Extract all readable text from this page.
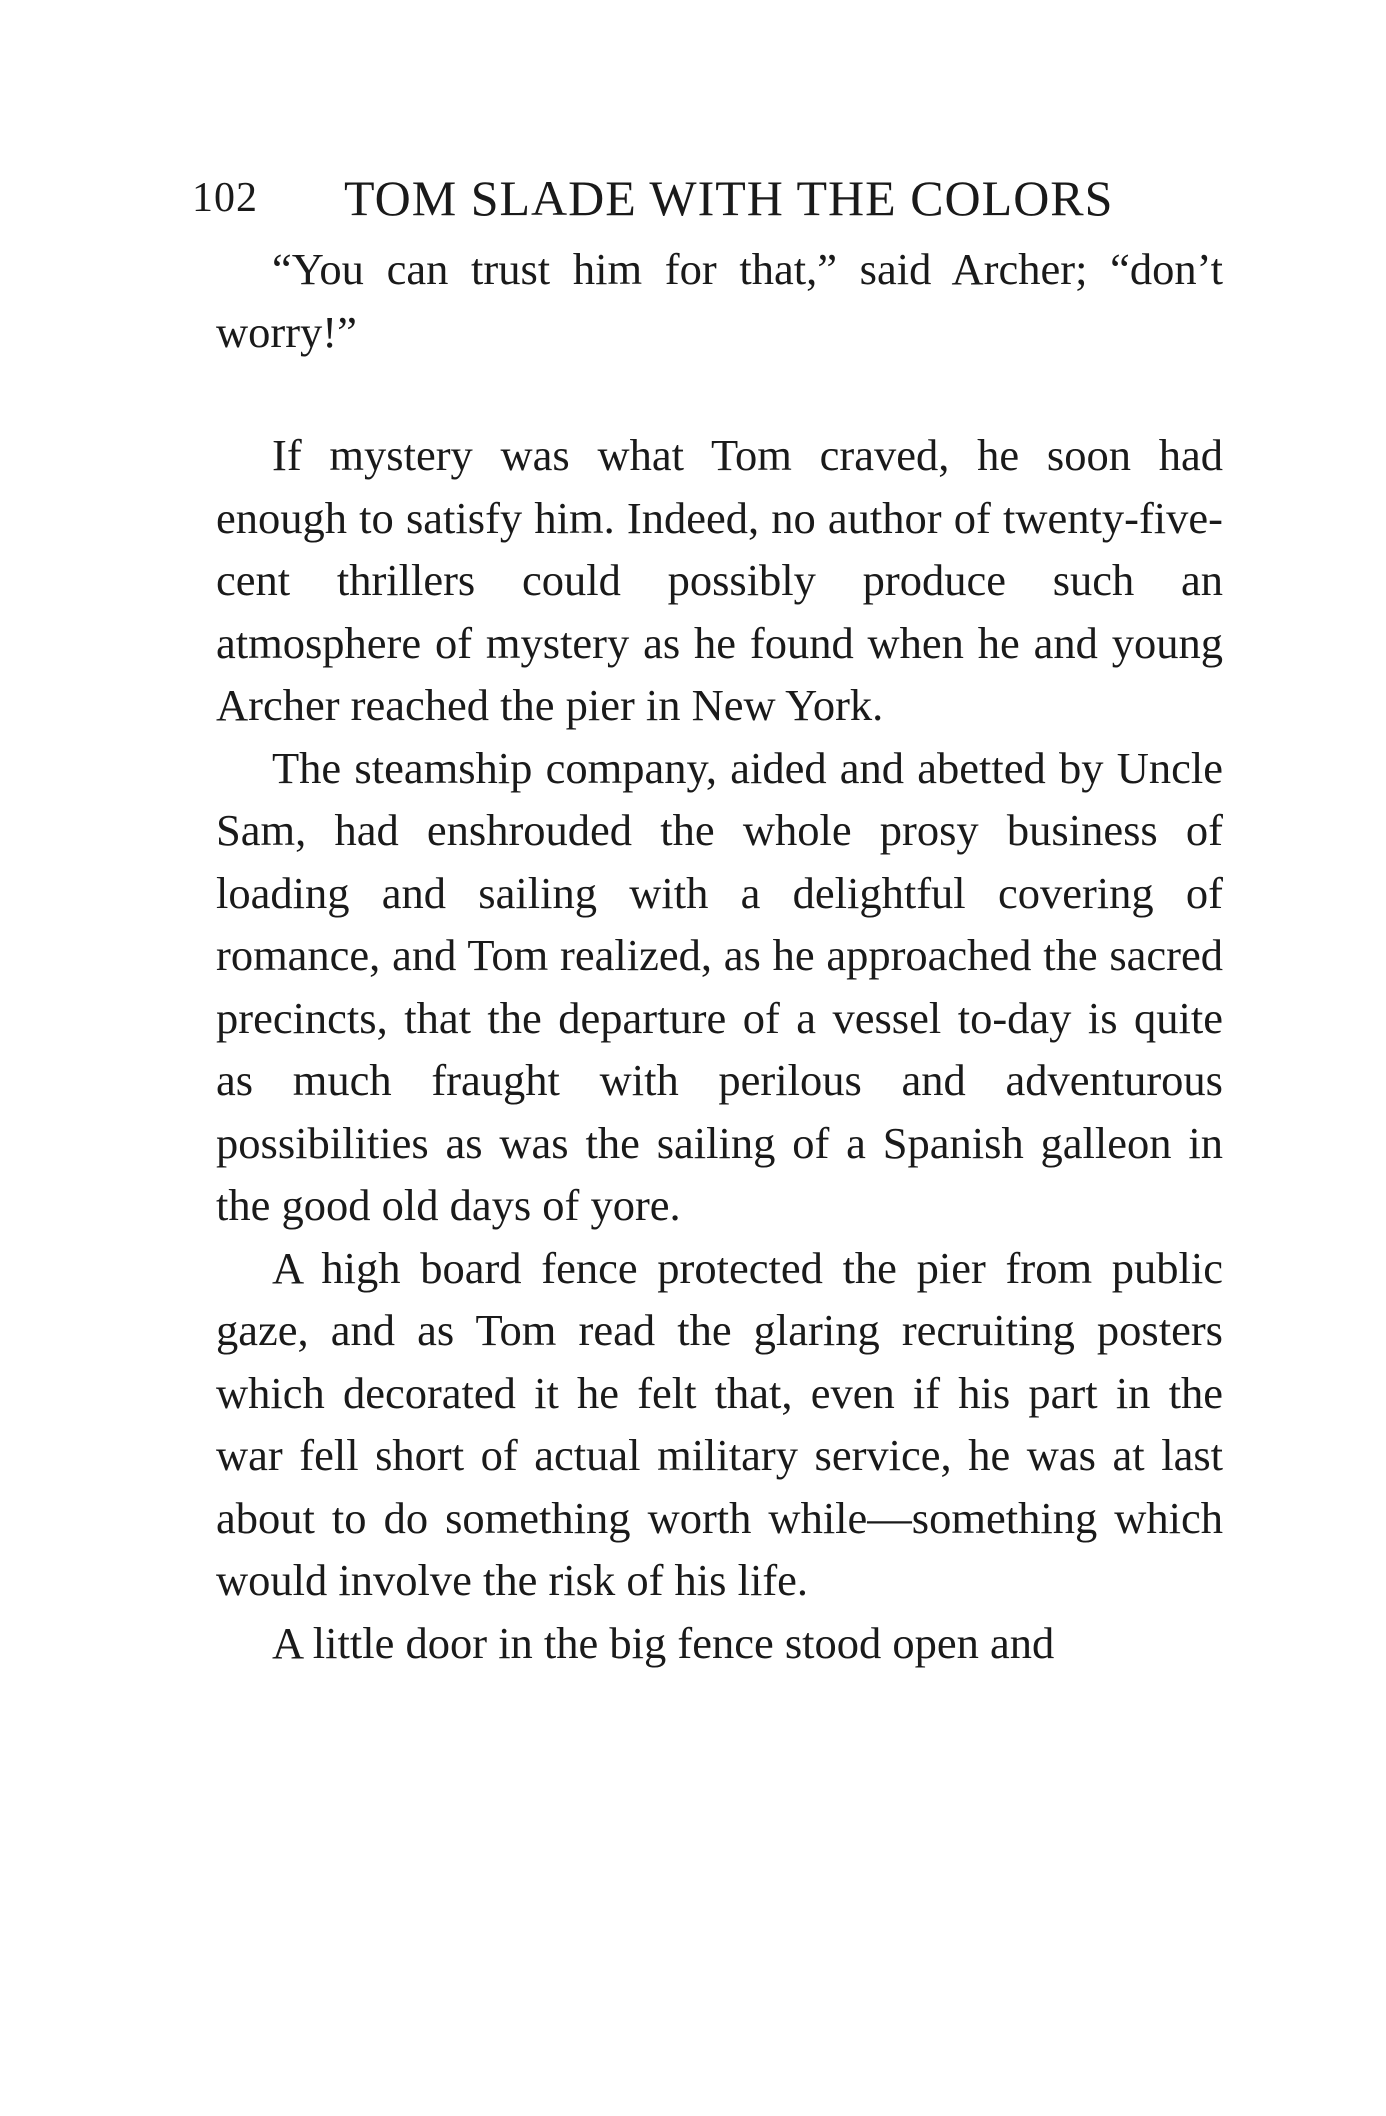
102 TOM SLADE WITH THE COLORS

“You can trust him for that,” said Archer; “don’t worry!”

If mystery was what Tom craved, he soon had enough to satisfy him. Indeed, no author of twenty-five-cent thrillers could possibly produce such an atmosphere of mystery as he found when he and young Archer reached the pier in New York.

The steamship company, aided and abetted by Uncle Sam, had enshrouded the whole prosy business of loading and sailing with a delightful covering of romance, and Tom realized, as he approached the sacred precincts, that the departure of a vessel to-day is quite as much fraught with perilous and adventurous possibilities as was the sailing of a Spanish galleon in the good old days of yore.

A high board fence protected the pier from public gaze, and as Tom read the glaring recruiting posters which decorated it he felt that, even if his part in the war fell short of actual military service, he was at last about to do something worth while—something which would involve the risk of his life.

A little door in the big fence stood open and
